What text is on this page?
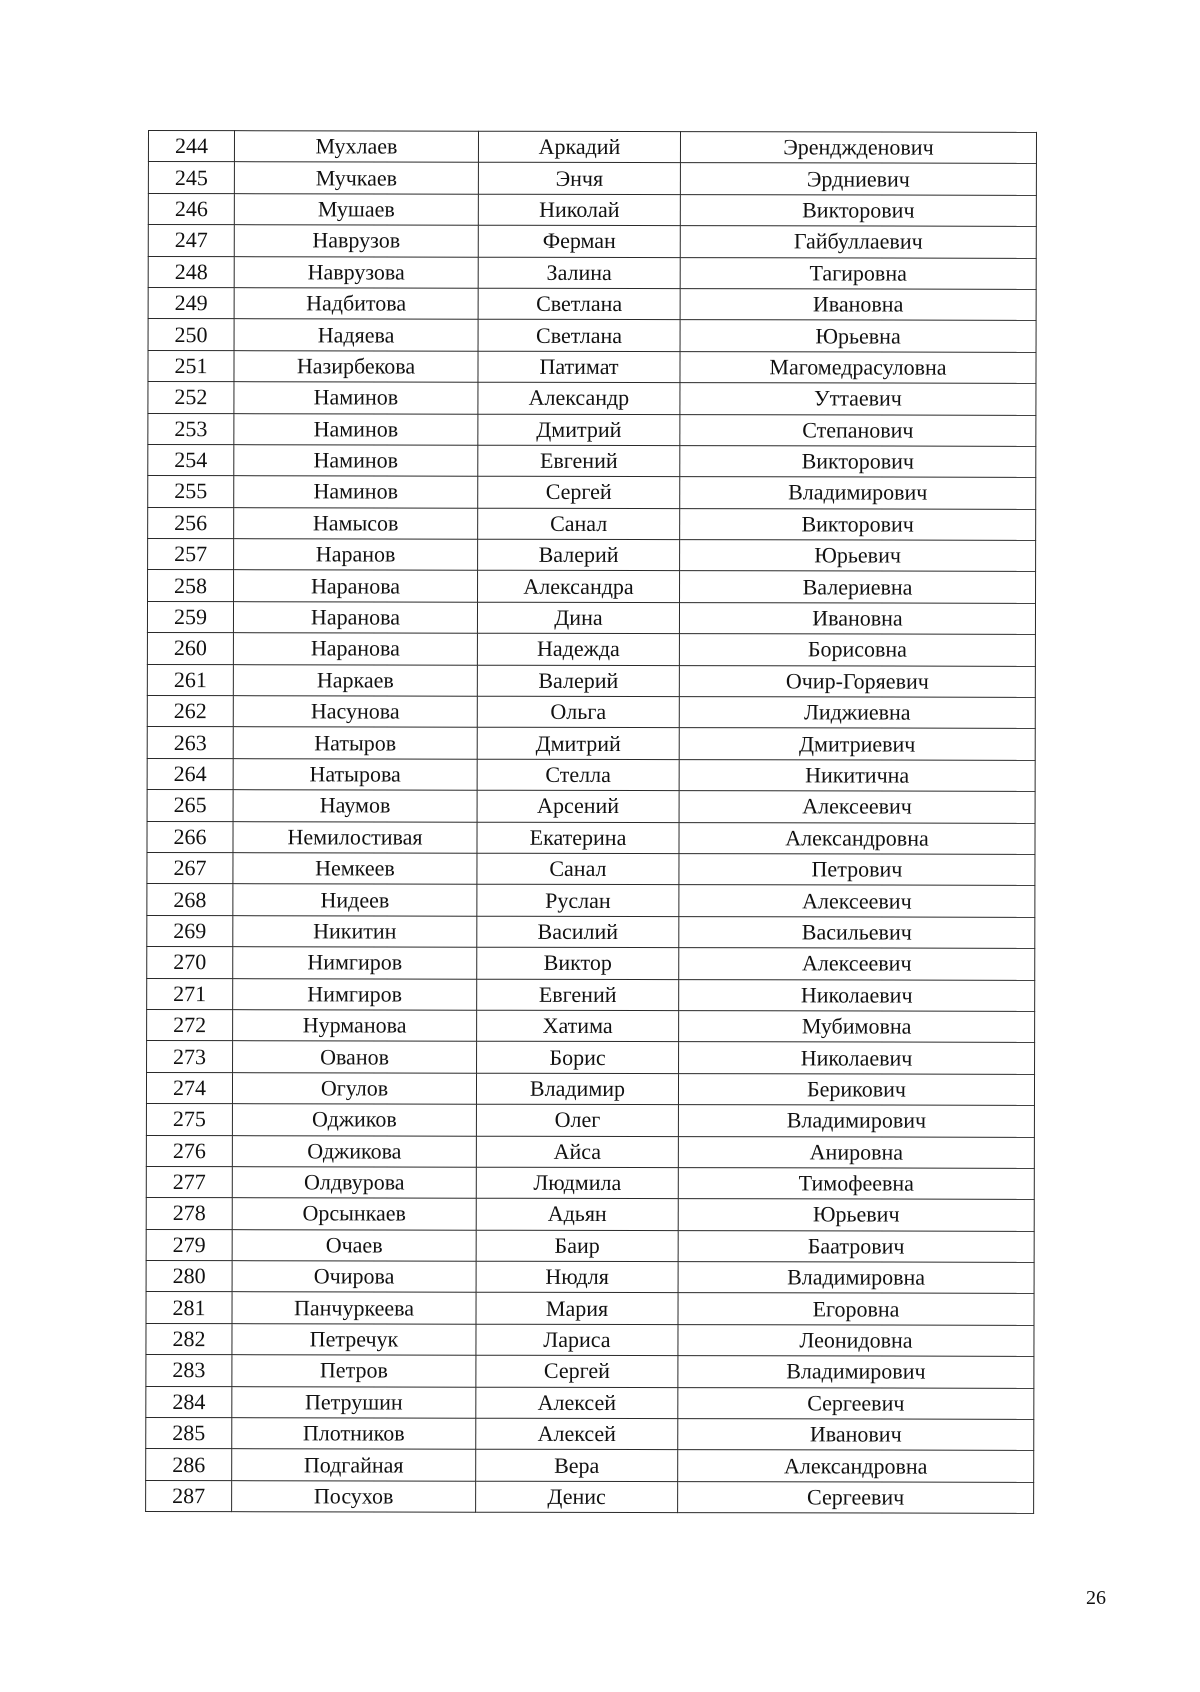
244	Мухлаев	Аркадий	Эренджденович
245	Мучкаев	Энчя	Эрдниевич
246	Мушаев	Николай	Викторович
247	Наврузов	Ферман	Гайбуллаевич
248	Наврузова	Залина	Тагировна
249	Надбитова	Светлана	Ивановна
250	Надяева	Светлана	Юрьевна
251	Назирбекова	Патимат	Магомедрасуловна
252	Наминов	Александр	Уттаевич
253	Наминов	Дмитрий	Степанович
254	Наминов	Евгений	Викторович
255	Наминов	Сергей	Владимирович
256	Намысов	Санал	Викторович
257	Наранов	Валерий	Юрьевич
258	Наранова	Александра	Валериевна
259	Наранова	Дина	Ивановна
260	Наранова	Надежда	Борисовна
261	Наркаев	Валерий	Очир-Горяевич
262	Насунова	Ольга	Лиджиевна
263	Натыров	Дмитрий	Дмитриевич
264	Натырова	Стелла	Никитична
265	Наумов	Арсений	Алексеевич
266	Немилостивая	Екатерина	Александровна
267	Немкеев	Санал	Петрович
268	Нидеев	Руслан	Алексеевич
269	Никитин	Василий	Васильевич
270	Нимгиров	Виктор	Алексеевич
271	Нимгиров	Евгений	Николаевич
272	Нурманова	Хатима	Мубимовна
273	Ованов	Борис	Николаевич
274	Огулов	Владимир	Берикович
275	Оджиков	Олег	Владимирович
276	Оджикова	Айса	Анировна
277	Олдвурова	Людмила	Тимофеевна
278	Орсынкаев	Адьян	Юрьевич
279	Очаев	Баир	Баатрович
280	Очирова	Нюдля	Владимировна
281	Панчуркеева	Мария	Егоровна
282	Петречук	Лариса	Леонидовна
283	Петров	Сергей	Владимирович
284	Петрушин	Алексей	Сергеевич
285	Плотников	Алексей	Иванович
286	Подгайная	Вера	Александровна
287	Посухов	Денис	Сергеевич
26
